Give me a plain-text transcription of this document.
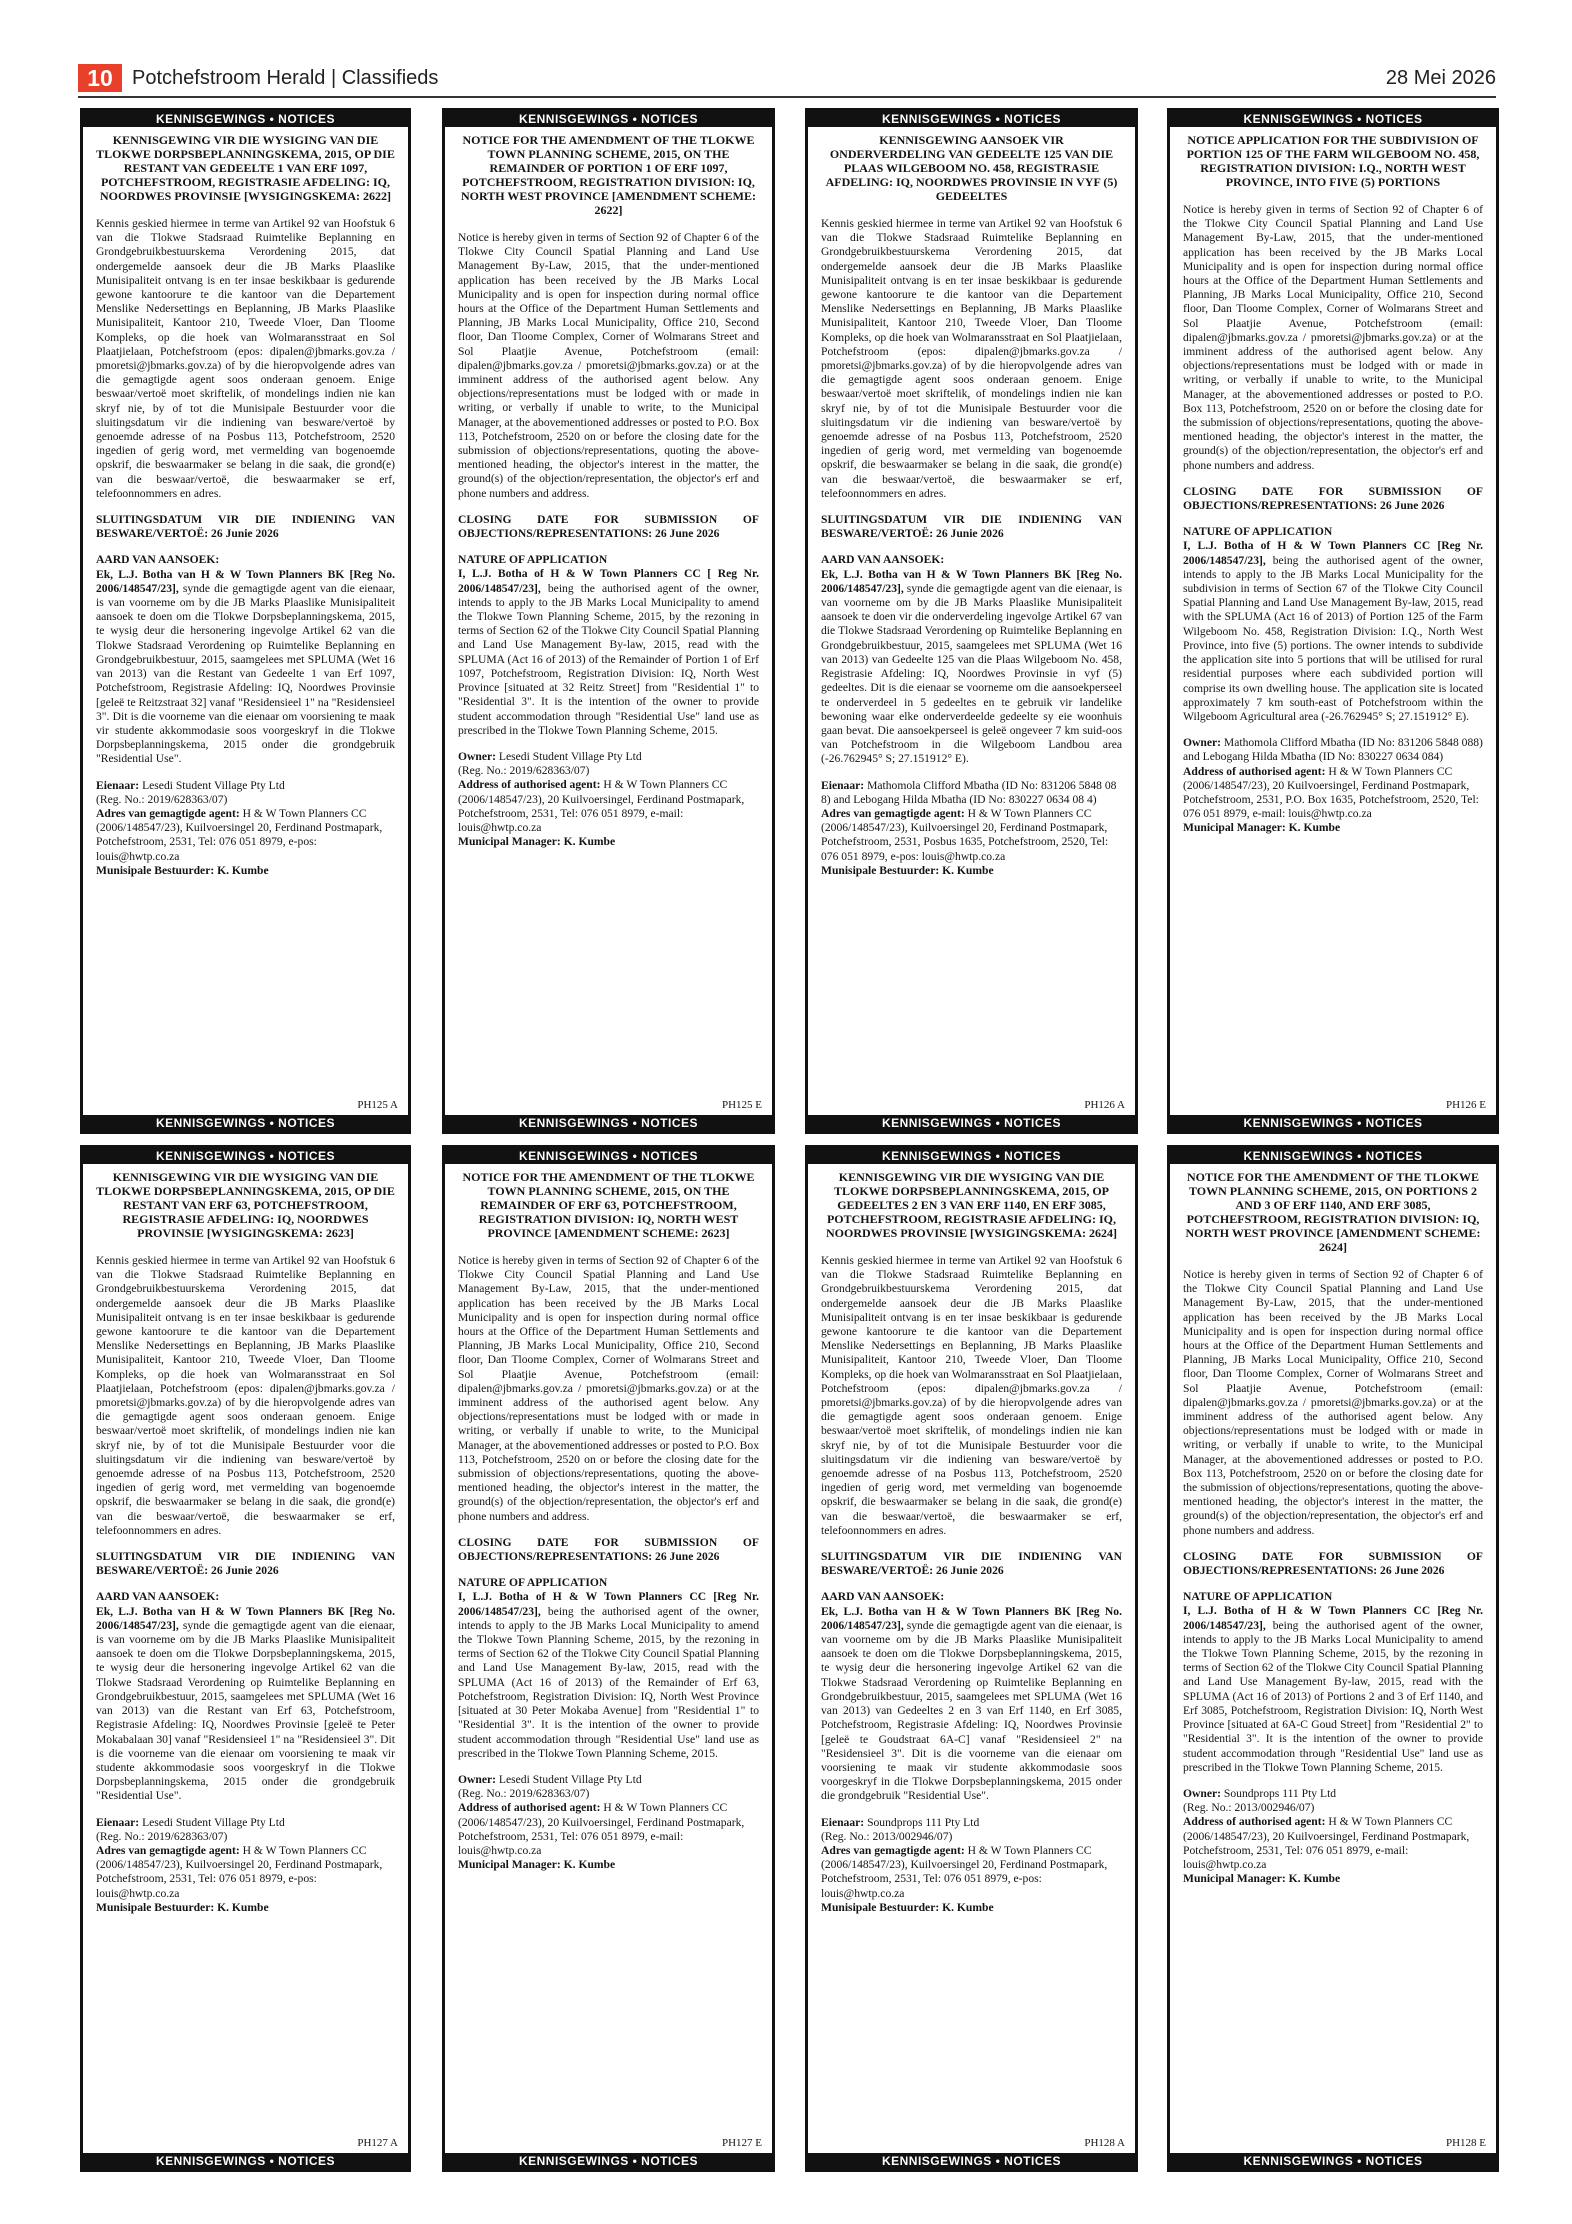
10 Potchefstroom Herald | Classifieds	28 Mei 2026
KENNISGEWINGS • NOTICES

KENNISGEWING VIR DIE WYSIGING VAN DIE TLOKWE DORPSBEPLANNINGSKEMA, 2015, OP DIE RESTANT VAN GEDEELTE 1 VAN ERF 1097, POTCHEFSTROOM, REGISTRASIE AFDELING: IQ, NOORDWES PROVINSIE [WYSIGINGSKEMA: 2622]

Kennis geskied hiermee in terme van Artikel 92 van Hoofstuk 6 van die Tlokwe Stadsraad Ruimtelike Beplanning en Grondgebruikbestuurskema Verordening 2015, dat ondergemelde aansoek deur die JB Marks Plaaslike Munisipaliteit ontvang is en ter insae beskikbaar is gedurende gewone kantoorure te die kantoor van die Departement Menslike Nedersettings en Beplanning, JB Marks Plaaslike Munisipaliteit, Kantoor 210, Tweede Vloer, Dan Tloome Kompleks, op die hoek van Wolmaransstraat en Sol Plaatjielaan, Potchefstroom (epos: dipalen@jbmarks.gov.za / pmoretsi@jbmarks.gov.za) of by die hieropvolgende adres van die gemagtigde agent soos onderaan genoem. Enige beswaar/vertoë moet skriftelik, of mondelings indien nie kan skryf nie, by of tot die Munisipale Bestuurder voor die sluitingsdatum vir die indiening van besware/vertoë by genoemde adresse of na Posbus 113, Potchefstroom, 2520 ingedien of gerig word, met vermelding van bogenoemde opskrif, die beswaarmaker se belang in die saak, die grond(e) van die beswaar/vertoë, die beswaarmaker se erf, telefoonnommers en adres.

SLUITINGSDATUM VIR DIE INDIENING VAN BESWARE/VERTOË: 26 Junie 2026

AARD VAN AANSOEK:

Ek, L.J. Botha van H & W Town Planners BK [Reg No. 2006/148547/23], synde die gemagtigde agent van die eienaar, is van voorneme om by die JB Marks Plaaslike Munisipaliteit aansoek te doen om die Tlokwe Dorpsbeplanningskema, 2015, te wysig deur die hersonering ingevolge Artikel 62 van die Tlokwe Stadsraad Verordening op Ruimtelike Beplanning en Grondgebruikbestuur, 2015, saamgelees met SPLUMA (Wet 16 van 2013) van die Restant van Gedeelte 1 van Erf 1097, Potchefstroom, Registrasie Afdeling: IQ, Noordwes Provinsie [geleë te Reitzstraat 32] vanaf "Residensieel 1" na "Residensieel 3". Dit is die voorneme van die eienaar om voorsiening te maak vir studente akkommodasie soos voorgeskryf in die Tlokwe Dorpsbeplanningskema, 2015 onder die grondgebruik "Residential Use".

Eienaar: Lesedi Student Village Pty Ltd

(Reg. No.: 2019/628363/07)

Adres van gemagtigde agent: H & W Town Planners CC (2006/148547/23), Kuilvoersingel 20, Ferdinand Postmapark, Potchefstroom, 2531, Tel: 076 051 8979, e-pos: louis@hwtp.co.za

Munisipale Bestuurder: K. Kumbe

PH125 A
KENNISGEWINGS • NOTICES
KENNISGEWINGS • NOTICES

NOTICE FOR THE AMENDMENT OF THE TLOKWE TOWN PLANNING SCHEME, 2015, ON THE REMAINDER OF PORTION 1 OF ERF 1097, POTCHEFSTROOM, REGISTRATION DIVISION: IQ, NORTH WEST PROVINCE [AMENDMENT SCHEME: 2622]

Notice is hereby given in terms of Section 92 of Chapter 6 of the Tlokwe City Council Spatial Planning and Land Use Management By-Law, 2015, that the under-mentioned application has been received by the JB Marks Local Municipality and is open for inspection during normal office hours at the Office of the Department Human Settlements and Planning, JB Marks Local Municipality, Office 210, Second floor, Dan Tloome Complex, Corner of Wolmarans Street and Sol Plaatjie Avenue, Potchefstroom (email: dipalen@jbmarks.gov.za / pmoretsi@jbmarks.gov.za) or at the imminent address of the authorised agent below. Any objections/representations must be lodged with or made in writing, or verbally if unable to write, to the Municipal Manager, at the abovementioned addresses or posted to P.O. Box 113, Potchefstroom, 2520 on or before the closing date for the submission of objections/representations, quoting the above-mentioned heading, the objector's interest in the matter, the ground(s) of the objection/representation, the objector's erf and phone numbers and address.

CLOSING DATE FOR SUBMISSION OF OBJECTIONS/REPRESENTATIONS: 26 June 2026

NATURE OF APPLICATION

I, L.J. Botha of H & W Town Planners CC [ Reg Nr. 2006/148547/23], being the authorised agent of the owner, intends to apply to the JB Marks Local Municipality to amend the Tlokwe Town Planning Scheme, 2015, by the rezoning in terms of Section 62 of the Tlokwe City Council Spatial Planning and Land Use Management By-law, 2015, read with the SPLUMA (Act 16 of 2013) of the Remainder of Portion 1 of Erf 1097, Potchefstroom, Registration Division: IQ, North West Province [situated at 32 Reitz Street] from "Residential 1" to "Residential 3". It is the intention of the owner to provide student accommodation through "Residential Use" land use as prescribed in the Tlokwe Town Planning Scheme, 2015.

Owner: Lesedi Student Village Pty Ltd

(Reg. No.: 2019/628363/07)

Address of authorised agent: H & W Town Planners CC (2006/148547/23), 20 Kuilvoersingel, Ferdinand Postmapark, Potchefstroom, 2531, Tel: 076 051 8979, e-mail: louis@hwtp.co.za

Municipal Manager: K. Kumbe

PH125 E
KENNISGEWINGS • NOTICES
KENNISGEWINGS • NOTICES

KENNISGEWING AANSOEK VIR ONDERVERDELING VAN GEDEELTE 125 VAN DIE PLAAS WILGEBOOM NO. 458, REGISTRASIE AFDELING: IQ, NOORDWES PROVINSIE IN VYF (5) GEDEELTES

Kennis geskied hiermee in terme van Artikel 92 van Hoofstuk 6 van die Tlokwe Stadsraad Ruimtelike Beplanning en Grondgebruikbestuurskema Verordening 2015, dat ondergemelde aansoek deur die JB Marks Plaaslike Munisipaliteit ontvang is en ter insae beskikbaar is gedurende gewone kantoorure te die kantoor van die Departement Menslike Nedersettings en Beplanning, JB Marks Plaaslike Munisipaliteit, Kantoor 210, Tweede Vloer, Dan Tloome Kompleks, op die hoek van Wolmaransstraat en Sol Plaatjielaan, Potchefstroom (epos: dipalen@jbmarks.gov.za / pmoretsi@jbmarks.gov.za) of by die hieropvolgende adres van die gemagtigde agent soos onderaan genoem. Enige beswaar/vertoë moet skriftelik, of mondelings indien nie kan skryf nie, by of tot die Munisipale Bestuurder voor die sluitingsdatum vir die indiening van besware/vertoë by genoemde adresse of na Posbus 113, Potchefstroom, 2520 ingedien of gerig word, met vermelding van bogenoemde opskrif, die beswaarmaker se belang in die saak, die grond(e) van die beswaar/vertoë, die beswaarmaker se erf, telefoonnommers en adres.

SLUITINGSDATUM VIR DIE INDIENING VAN BESWARE/VERTOË: 26 Junie 2026

AARD VAN AANSOEK:

Ek, L.J. Botha van H & W Town Planners BK [Reg No. 2006/148547/23], synde die gemagtigde agent van die eienaar, is van voorneme om by die JB Marks Plaaslike Munisipaliteit aansoek te doen vir die onderverdeling ingevolge Artikel 67 van die Tlokwe Stadsraad Verordening op Ruimtelike Beplanning en Grondgebruikbestuur, 2015, saamgelees met SPLUMA (Wet 16 van 2013) van Gedeelte 125 van die Plaas Wilgeboom No. 458, Registrasie Afdeling: IQ, Noordwes Provinsie in vyf (5) gedeeltes. Dit is die eienaar se voorneme om die aansoekperseel te onderverdeel in 5 gedeeltes en te gebruik vir landelike bewoning waar elke onderverdeelde gedeelte sy eie woonhuis gaan bevat. Die aansoekperseel is geleë ongeveer 7 km suid-oos van Potchefstroom in die Wilgeboom Landbou area (-26.762945° S; 27.151912° E).

Eienaar: Mathomola Clifford Mbatha (ID No: 831206 5848 08 8) and Lebogang Hilda Mbatha (ID No: 830227 0634 08 4)

Adres van gemagtigde agent: H & W Town Planners CC (2006/148547/23), Kuilvoersingel 20, Ferdinand Postmapark, Potchefstroom, 2531, Posbus 1635, Potchefstroom, 2520, Tel: 076 051 8979, e-pos: louis@hwtp.co.za

Munisipale Bestuurder: K. Kumbe

PH126 A
KENNISGEWINGS • NOTICES
KENNISGEWINGS • NOTICES

NOTICE APPLICATION FOR THE SUBDIVISION OF PORTION 125 OF THE FARM WILGEBOOM NO. 458, REGISTRATION DIVISION: I.Q., NORTH WEST PROVINCE, INTO FIVE (5) PORTIONS

Notice is hereby given in terms of Section 92 of Chapter 6 of the Tlokwe City Council Spatial Planning and Land Use Management By-Law, 2015, that the under-mentioned application has been received by the JB Marks Local Municipality and is open for inspection during normal office hours at the Office of the Department Human Settlements and Planning, JB Marks Local Municipality, Office 210, Second floor, Dan Tloome Complex, Corner of Wolmarans Street and Sol Plaatjie Avenue, Potchefstroom (email: dipalen@jbmarks.gov.za / pmoretsi@jbmarks.gov.za) or at the imminent address of the authorised agent below. Any objections/representations must be lodged with or made in writing, or verbally if unable to write, to the Municipal Manager, at the abovementioned addresses or posted to P.O. Box 113, Potchefstroom, 2520 on or before the closing date for the submission of objections/representations, quoting the above-mentioned heading, the objector's interest in the matter, the ground(s) of the objection/representation, the objector's erf and phone numbers and address.

CLOSING DATE FOR SUBMISSION OF OBJECTIONS/REPRESENTATIONS: 26 June 2026

NATURE OF APPLICATION

I, L.J. Botha of H & W Town Planners CC [Reg Nr. 2006/148547/23], being the authorised agent of the owner, intends to apply to the JB Marks Local Municipality for the subdivision in terms of Section 67 of the Tlokwe City Council Spatial Planning and Land Use Management By-law, 2015, read with the SPLUMA (Act 16 of 2013) of Portion 125 of the Farm Wilgeboom No. 458, Registration Division: I.Q., North West Province, into five (5) portions. The owner intends to subdivide the application site into 5 portions that will be utilised for rural residential purposes where each subdivided portion will comprise its own dwelling house. The application site is located approximately 7 km south-east of Potchefstroom within the Wilgeboom Agricultural area (-26.762945° S; 27.151912° E).

Owner: Mathomola Clifford Mbatha (ID No: 831206 5848 088) and Lebogang Hilda Mbatha (ID No: 830227 0634 084)

Address of authorised agent: H & W Town Planners CC (2006/148547/23), 20 Kuilvoersingel, Ferdinand Postmapark, Potchefstroom, 2531, P.O. Box 1635, Potchefstroom, 2520, Tel: 076 051 8979, e-mail: louis@hwtp.co.za

Municipal Manager: K. Kumbe

PH126 E
KENNISGEWINGS • NOTICES
KENNISGEWINGS • NOTICES

KENNISGEWING VIR DIE WYSIGING VAN DIE TLOKWE DORPSBEPLANNINGSKEMA, 2015, OP DIE RESTANT VAN ERF 63, POTCHEFSTROOM, REGISTRASIE AFDELING: IQ, NOORDWES PROVINSIE [WYSIGINGSKEMA: 2623]

Kennis geskied hiermee in terme van Artikel 92 van Hoofstuk 6 van die Tlokwe Stadsraad Ruimtelike Beplanning en Grondgebruikbestuurskema Verordening 2015, dat ondergemelde aansoek deur die JB Marks Plaaslike Munisipaliteit ontvang is en ter insae beskikbaar is gedurende gewone kantoorure te die kantoor van die Departement Menslike Nedersettings en Beplanning, JB Marks Plaaslike Munisipaliteit, Kantoor 210, Tweede Vloer, Dan Tloome Kompleks, op die hoek van Wolmaransstraat en Sol Plaatjielaan, Potchefstroom (epos: dipalen@jbmarks.gov.za / pmoretsi@jbmarks.gov.za) of by die hieropvolgende adres van die gemagtigde agent soos onderaan genoem. Enige beswaar/vertoë moet skriftelik, of mondelings indien nie kan skryf nie, by of tot die Munisipale Bestuurder voor die sluitingsdatum vir die indiening van besware/vertoë by genoemde adresse of na Posbus 113, Potchefstroom, 2520 ingedien of gerig word, met vermelding van bogenoemde opskrif, die beswaarmaker se belang in die saak, die grond(e) van die beswaar/vertoë, die beswaarmaker se erf, telefoonnommers en adres.

SLUITINGSDATUM VIR DIE INDIENING VAN BESWARE/VERTOË: 26 Junie 2026

AARD VAN AANSOEK:

Ek, L.J. Botha van H & W Town Planners BK [Reg No. 2006/148547/23], synde die gemagtigde agent van die eienaar, is van voorneme om by die JB Marks Plaaslike Munisipaliteit aansoek te doen om die Tlokwe Dorpsbeplanningskema, 2015, te wysig deur die hersonering ingevolge Artikel 62 van die Tlokwe Stadsraad Verordening op Ruimtelike Beplanning en Grondgebruikbestuur, 2015, saamgelees met SPLUMA (Wet 16 van 2013) van die Restant van Erf 63, Potchefstroom, Registrasie Afdeling: IQ, Noordwes Provinsie [geleë te Peter Mokabalaan 30] vanaf "Residensieel 1" na "Residensieel 3". Dit is die voorneme van die eienaar om voorsiening te maak vir studente akkommodasie soos voorgeskryf in die Tlokwe Dorpsbeplanningskema, 2015 onder die grondgebruik "Residential Use".

Eienaar: Lesedi Student Village Pty Ltd

(Reg. No.: 2019/628363/07)

Adres van gemagtigde agent: H & W Town Planners CC (2006/148547/23), Kuilvoersingel 20, Ferdinand Postmapark, Potchefstroom, 2531, Tel: 076 051 8979, e-pos: louis@hwtp.co.za

Munisipale Bestuurder: K. Kumbe

PH127 A
KENNISGEWINGS • NOTICES
KENNISGEWINGS • NOTICES

NOTICE FOR THE AMENDMENT OF THE TLOKWE TOWN PLANNING SCHEME, 2015, ON THE REMAINDER OF ERF 63, POTCHEFSTROOM, REGISTRATION DIVISION: IQ, NORTH WEST PROVINCE [AMENDMENT SCHEME: 2623]

Notice is hereby given in terms of Section 92 of Chapter 6 of the Tlokwe City Council Spatial Planning and Land Use Management By-Law, 2015, that the under-mentioned application has been received by the JB Marks Local Municipality and is open for inspection during normal office hours at the Office of the Department Human Settlements and Planning, JB Marks Local Municipality, Office 210, Second floor, Dan Tloome Complex, Corner of Wolmarans Street and Sol Plaatjie Avenue, Potchefstroom (email: dipalen@jbmarks.gov.za / pmoretsi@jbmarks.gov.za) or at the imminent address of the authorised agent below. Any objections/representations must be lodged with or made in writing, or verbally if unable to write, to the Municipal Manager, at the abovementioned addresses or posted to P.O. Box 113, Potchefstroom, 2520 on or before the closing date for the submission of objections/representations, quoting the above-mentioned heading, the objector's interest in the matter, the ground(s) of the objection/representation, the objector's erf and phone numbers and address.

CLOSING DATE FOR SUBMISSION OF OBJECTIONS/REPRESENTATIONS: 26 June 2026

NATURE OF APPLICATION

I, L.J. Botha of H & W Town Planners CC [Reg Nr. 2006/148547/23], being the authorised agent of the owner, intends to apply to the JB Marks Local Municipality to amend the Tlokwe Town Planning Scheme, 2015, by the rezoning in terms of Section 62 of the Tlokwe City Council Spatial Planning and Land Use Management By-law, 2015, read with the SPLUMA (Act 16 of 2013) of the Remainder of Erf 63, Potchefstroom, Registration Division: IQ, North West Province [situated at 30 Peter Mokaba Avenue] from "Residential 1" to "Residential 3". It is the intention of the owner to provide student accommodation through "Residential Use" land use as prescribed in the Tlokwe Town Planning Scheme, 2015.

Owner: Lesedi Student Village Pty Ltd

(Reg. No.: 2019/628363/07)

Address of authorised agent: H & W Town Planners CC (2006/148547/23), 20 Kuilvoersingel, Ferdinand Postmapark, Potchefstroom, 2531, Tel: 076 051 8979, e-mail: louis@hwtp.co.za

Municipal Manager: K. Kumbe

PH127 E
KENNISGEWINGS • NOTICES
KENNISGEWINGS • NOTICES

KENNISGEWING VIR DIE WYSIGING VAN DIE TLOKWE DORPSBEPLANNINGSKEMA, 2015, OP GEDEELTES 2 EN 3 VAN ERF 1140, EN ERF 3085, POTCHEFSTROOM, REGISTRASIE AFDELING: IQ, NOORDWES PROVINSIE [WYSIGINGSKEMA: 2624]

Kennis geskied hiermee in terme van Artikel 92 van Hoofstuk 6 van die Tlokwe Stadsraad Ruimtelike Beplanning en Grondgebruikbestuurskema Verordening 2015, dat ondergemelde aansoek deur die JB Marks Plaaslike Munisipaliteit ontvang is en ter insae beskikbaar is gedurende gewone kantoorure te die kantoor van die Departement Menslike Nedersettings en Beplanning, JB Marks Plaaslike Munisipaliteit, Kantoor 210, Tweede Vloer, Dan Tloome Kompleks, op die hoek van Wolmaransstraat en Sol Plaatjielaan, Potchefstroom (epos: dipalen@jbmarks.gov.za / pmoretsi@jbmarks.gov.za) of by die hieropvolgende adres van die gemagtigde agent soos onderaan genoem. Enige beswaar/vertoë moet skriftelik, of mondelings indien nie kan skryf nie, by of tot die Munisipale Bestuurder voor die sluitingsdatum vir die indiening van besware/vertoë by genoemde adresse of na Posbus 113, Potchefstroom, 2520 ingedien of gerig word, met vermelding van bogenoemde opskrif, die beswaarmaker se belang in die saak, die grond(e) van die beswaar/vertoë, die beswaarmaker se erf, telefoonnommers en adres.

SLUITINGSDATUM VIR DIE INDIENING VAN BESWARE/VERTOË: 26 Junie 2026

AARD VAN AANSOEK:

Ek, L.J. Botha van H & W Town Planners BK [Reg No. 2006/148547/23], synde die gemagtigde agent van die eienaar, is van voorneme om by die JB Marks Plaaslike Munisipaliteit aansoek te doen om die Tlokwe Dorpsbeplanningskema, 2015, te wysig deur die hersonering ingevolge Artikel 62 van die Tlokwe Stadsraad Verordening op Ruimtelike Beplanning en Grondgebruikbestuur, 2015, saamgelees met SPLUMA (Wet 16 van 2013) van Gedeeltes 2 en 3 van Erf 1140, en Erf 3085, Potchefstroom, Registrasie Afdeling: IQ, Noordwes Provinsie [geleë te Goudstraat 6A-C] vanaf "Residensieel 2" na "Residensieel 3". Dit is die voorneme van die eienaar om voorsiening te maak vir studente akkommodasie soos voorgeskryf in die Tlokwe Dorpsbeplanningskema, 2015 onder die grondgebruik "Residential Use".

Eienaar: Soundprops 111 Pty Ltd

(Reg. No.: 2013/002946/07)

Adres van gemagtigde agent: H & W Town Planners CC (2006/148547/23), Kuilvoersingel 20, Ferdinand Postmapark, Potchefstroom, 2531, Tel: 076 051 8979, e-pos: louis@hwtp.co.za

Munisipale Bestuurder: K. Kumbe

PH128 A
KENNISGEWINGS • NOTICES
KENNISGEWINGS • NOTICES

NOTICE FOR THE AMENDMENT OF THE TLOKWE TOWN PLANNING SCHEME, 2015, ON PORTIONS 2 AND 3 OF ERF 1140, AND ERF 3085, POTCHEFSTROOM, REGISTRATION DIVISION: IQ, NORTH WEST PROVINCE [AMENDMENT SCHEME: 2624]

Notice is hereby given in terms of Section 92 of Chapter 6 of the Tlokwe City Council Spatial Planning and Land Use Management By-Law, 2015, that the under-mentioned application has been received by the JB Marks Local Municipality and is open for inspection during normal office hours at the Office of the Department Human Settlements and Planning, JB Marks Local Municipality, Office 210, Second floor, Dan Tloome Complex, Corner of Wolmarans Street and Sol Plaatjie Avenue, Potchefstroom (email: dipalen@jbmarks.gov.za / pmoretsi@jbmarks.gov.za) or at the imminent address of the authorised agent below. Any objections/representations must be lodged with or made in writing, or verbally if unable to write, to the Municipal Manager, at the abovementioned addresses or posted to P.O. Box 113, Potchefstroom, 2520 on or before the closing date for the submission of objections/representations, quoting the above-mentioned heading, the objector's interest in the matter, the ground(s) of the objection/representation, the objector's erf and phone numbers and address.

CLOSING DATE FOR SUBMISSION OF OBJECTIONS/REPRESENTATIONS: 26 June 2026

NATURE OF APPLICATION

I, L.J. Botha of H & W Town Planners CC [Reg Nr. 2006/148547/23], being the authorised agent of the owner, intends to apply to the JB Marks Local Municipality to amend the Tlokwe Town Planning Scheme, 2015, by the rezoning in terms of Section 62 of the Tlokwe City Council Spatial Planning and Land Use Management By-law, 2015, read with the SPLUMA (Act 16 of 2013) of Portions 2 and 3 of Erf 1140, and Erf 3085, Potchefstroom, Registration Division: IQ, North West Province [situated at 6A-C Goud Street] from "Residential 2" to "Residential 3". It is the intention of the owner to provide student accommodation through "Residential Use" land use as prescribed in the Tlokwe Town Planning Scheme, 2015.

Owner: Soundprops 111 Pty Ltd

(Reg. No.: 2013/002946/07)

Address of authorised agent: H & W Town Planners CC (2006/148547/23), 20 Kuilvoersingel, Ferdinand Postmapark, Potchefstroom, 2531, Tel: 076 051 8979, e-mail: louis@hwtp.co.za

Municipal Manager: K. Kumbe

PH128 E
KENNISGEWINGS • NOTICES
